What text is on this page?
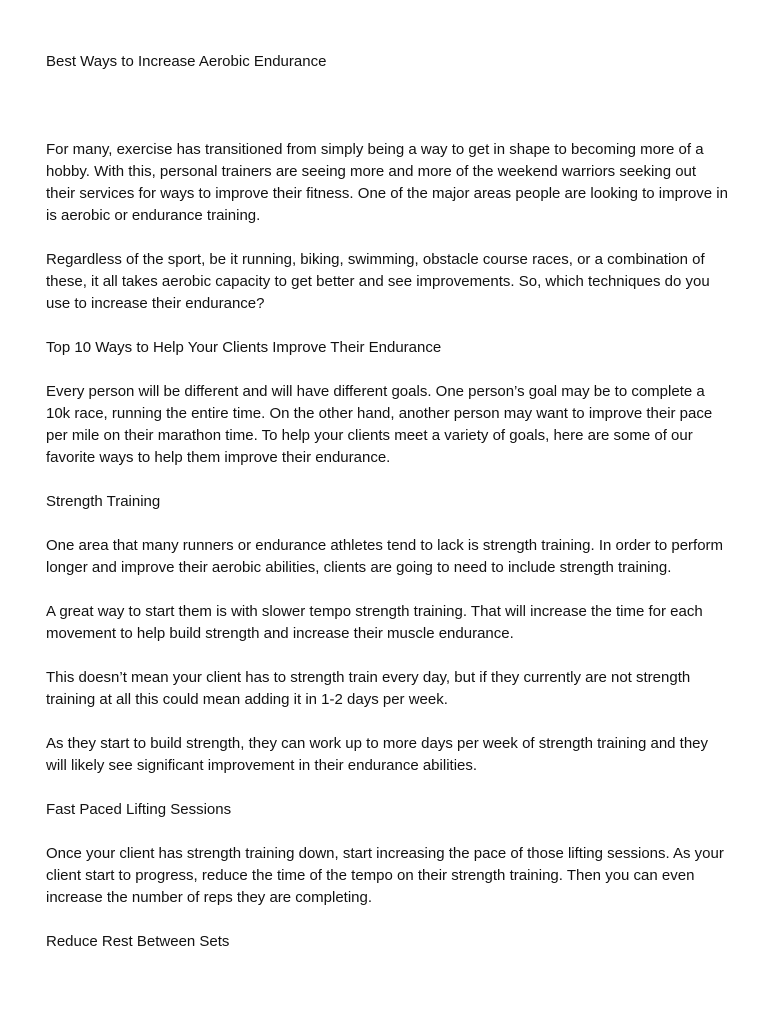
Best Ways to Increase Aerobic Endurance

For many, exercise has transitioned from simply being a way to get in shape to becoming more of a hobby. With this, personal trainers are seeing more and more of the weekend warriors seeking out their services for ways to improve their fitness. One of the major areas people are looking to improve in is aerobic or endurance training.

Regardless of the sport, be it running, biking, swimming, obstacle course races, or a combination of these, it all takes aerobic capacity to get better and see improvements. So, which techniques do you use to increase their endurance?

Top 10 Ways to Help Your Clients Improve Their Endurance

Every person will be different and will have different goals. One person’s goal may be to complete a 10k race, running the entire time. On the other hand, another person may want to improve their pace per mile on their marathon time. To help your clients meet a variety of goals, here are some of our favorite ways to help them improve their endurance.

Strength Training

One area that many runners or endurance athletes tend to lack is strength training. In order to perform longer and improve their aerobic abilities, clients are going to need to include strength training.

A great way to start them is with slower tempo strength training. That will increase the time for each movement to help build strength and increase their muscle endurance.

This doesn’t mean your client has to strength train every day, but if they currently are not strength training at all this could mean adding it in 1-2 days per week.

As they start to build strength, they can work up to more days per week of strength training and they will likely see significant improvement in their endurance abilities.

Fast Paced Lifting Sessions

Once your client has strength training down, start increasing the pace of those lifting sessions. As your client start to progress, reduce the time of the tempo on their strength training. Then you can even increase the number of reps they are completing.

Reduce Rest Between Sets
